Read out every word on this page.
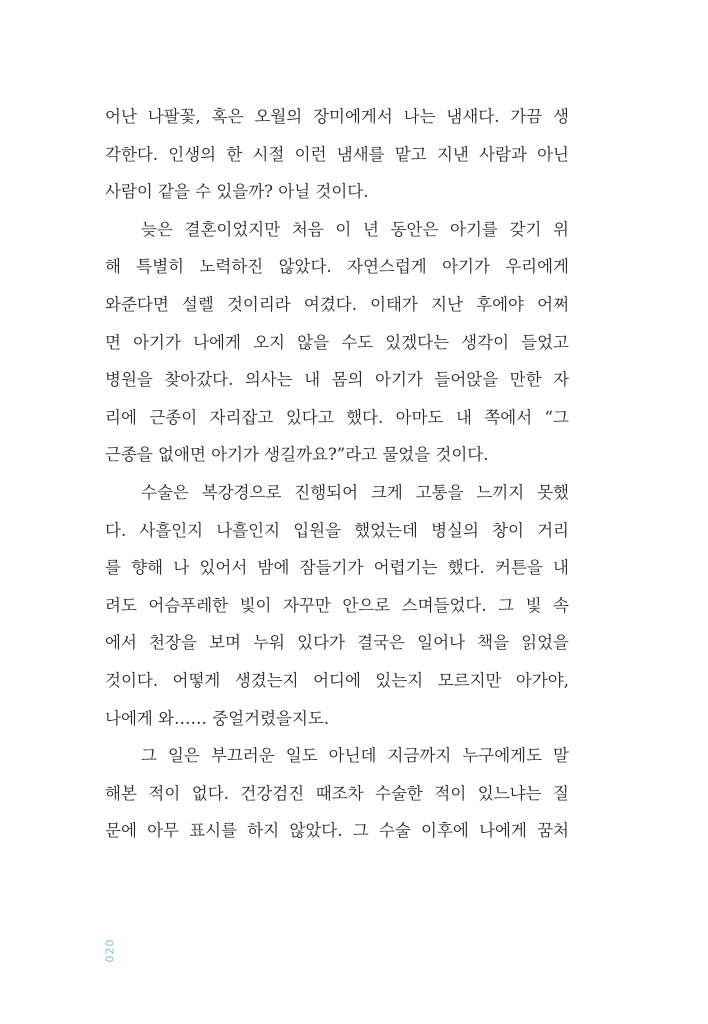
어난 나팔꽃, 혹은 오월의 장미에게서 나는 냄새다. 가끔 생
각한다. 인생의 한 시절 이런 냄새를 맡고 지낸 사람과 아닌
사람이 같을 수 있을까? 아닐 것이다.
늦은 결혼이었지만 처음 이 년 동안은 아기를 갖기 위
해 특별히 노력하진 않았다. 자연스럽게 아기가 우리에게
와준다면 설렐 것이리라 여겼다. 이태가 지난 후에야 어쩌
면 아기가 나에게 오지 않을 수도 있겠다는 생각이 들었고
병원을 찾아갔다. 의사는 내 몸의 아기가 들어앉을 만한 자
리에 근종이 자리잡고 있다고 했다. 아마도 내 쪽에서 “그
근종을 없애면 아기가 생길까요?”라고 물었을 것이다.
수술은 복강경으로 진행되어 크게 고통을 느끼지 못했
다. 사흘인지 나흘인지 입원을 했었는데 병실의 창이 거리
를 향해 나 있어서 밤에 잠들기가 어렵기는 했다. 커튼을 내
려도 어슴푸레한 빛이 자꾸만 안으로 스며들었다. 그 빛 속
에서 천장을 보며 누워 있다가 결국은 일어나 책을 읽었을
것이다. 어떻게 생겼는지 어디에 있는지 모르지만 아가야,
나에게 와…… 중얼거렸을지도.
그 일은 부끄러운 일도 아닌데 지금까지 누구에게도 말
해본 적이 없다. 건강검진 때조차 수술한 적이 있느냐는 질
문에 아무 표시를 하지 않았다. 그 수술 이후에 나에게 꿈처
020
